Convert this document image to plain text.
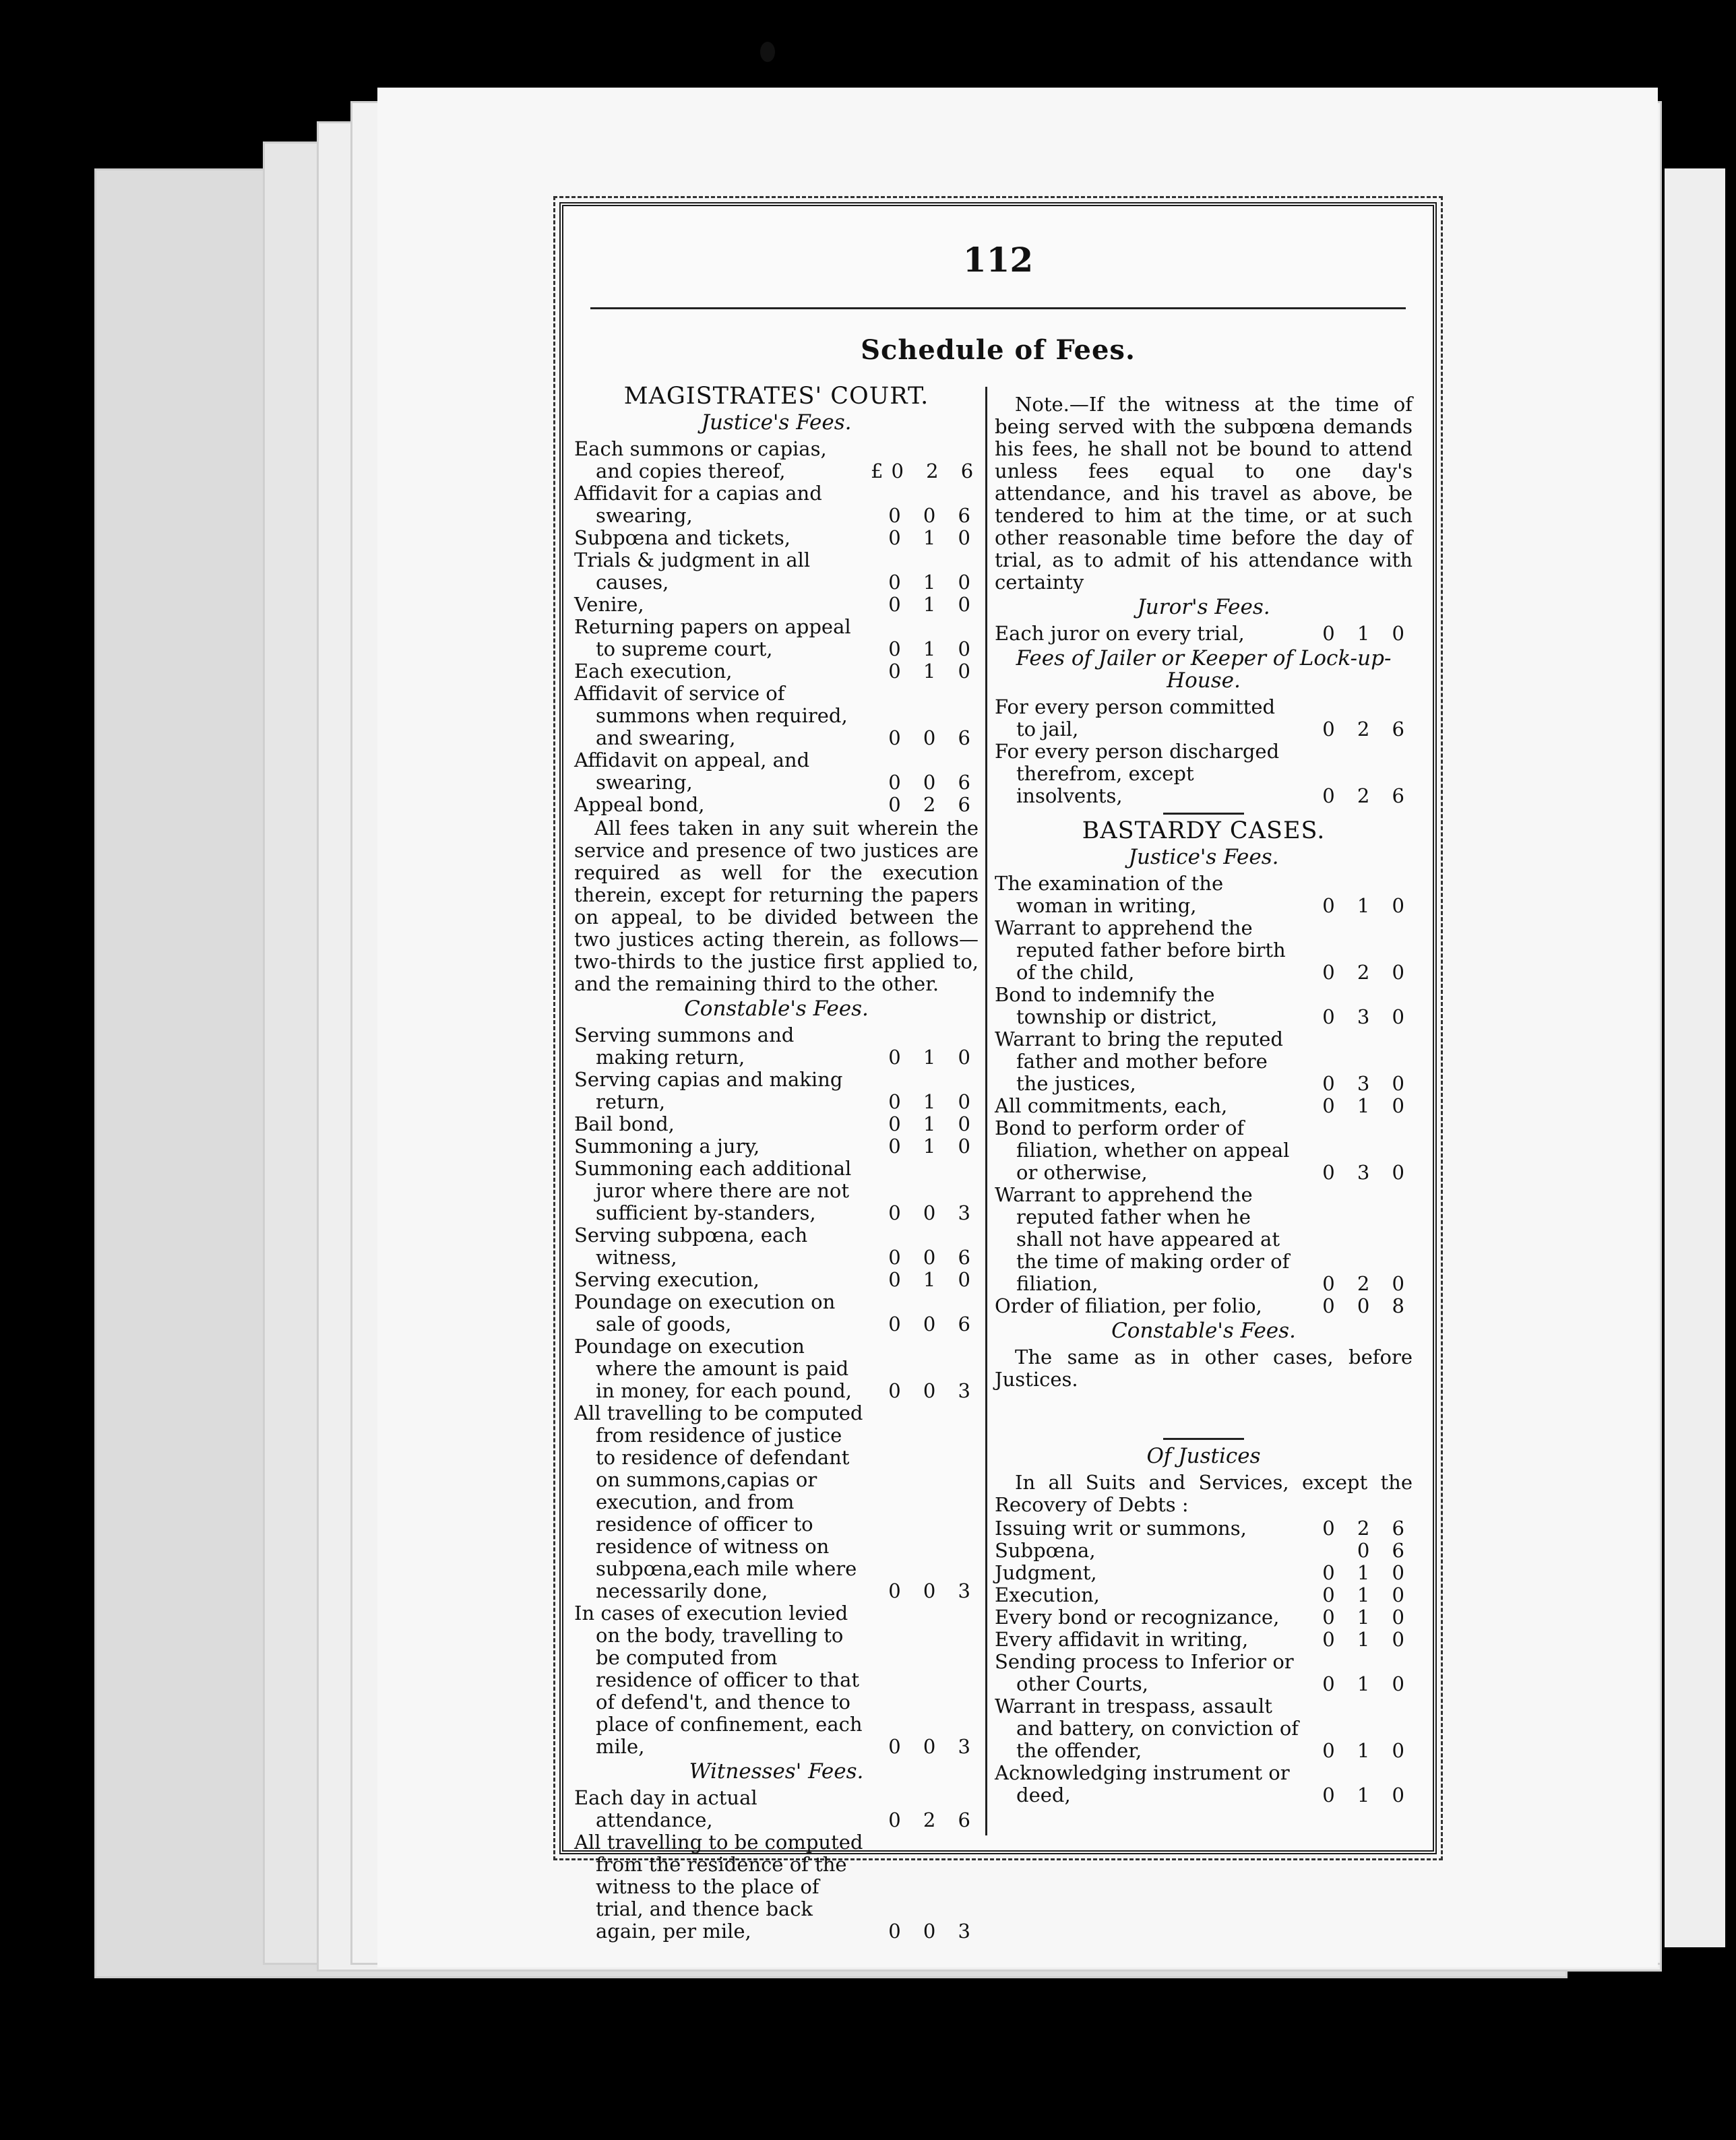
112
Schedule of Fees.
MAGISTRATES' COURT.
Justice's Fees.
Each summons or capias, and copies thereof,	£0 2 6
Affidavit for a capias and swearing,	0 0 6
Subpœna and tickets,	0 1 0
Trials & judgment in all causes,	0 1 0
Venire,	0 1 0
Returning papers on appeal to supreme court,	0 1 0
Each execution,	0 1 0
Affidavit of service of summons when required, and swearing,	0 0 6
Affidavit on appeal, and swearing,	0 0 6
Appeal bond,	0 2 6
All fees taken in any suit wherein the service and presence of two justices are required as well for the execution therein, except for returning the papers on appeal, to be divided between the two justices acting therein, as follows—two-thirds to the justice first applied to, and the remaining third to the other.
Constable's Fees.
Serving summons and making return,	0 1 0
Serving capias and making return,	0 1 0
Bail bond,	0 1 0
Summoning a jury,	0 1 0
Summoning each additional juror where there are not sufficient by-standers,	0 0 3
Serving subpœna, each witness,	0 0 6
Serving execution,	0 1 0
Poundage on execution on sale of goods,	0 0 6
Poundage on execution where the amount is paid in money, for each pound,	0 0 3
All travelling to be computed from residence of justice to residence of defendant on summons,capias or execution, and from residence of officer to residence of witness on subpœna,each mile where necessarily done,	0 0 3
In cases of execution levied on the body, travelling to be computed from residence of officer to that of defend't, and thence to place of confinement, each mile,	0 0 3
Witnesses' Fees.
Each day in actual attendance,	0 2 6
All travelling to be computed from the residence of the witness to the place of trial, and thence back again, per mile,	0 0 3
Note.—If the witness at the time of being served with the subpœna demands his fees, he shall not be bound to attend unless fees equal to one day's attendance, and his travel as above, be tendered to him at the time, or at such other reasonable time before the day of trial, as to admit of his attendance with certainty
Juror's Fees.
Each juror on every trial,	0 1 0
Fees of Jailer or Keeper of Lock-up-House.
For every person committed to jail,	0 2 6
For every person discharged therefrom, except insolvents,	0 2 6
BASTARDY CASES.
Justice's Fees.
The examination of the woman in writing,	0 1 0
Warrant to apprehend the reputed father before birth of the child,	0 2 0
Bond to indemnify the township or district,	0 3 0
Warrant to bring the reputed father and mother before the justices,	0 3 0
All commitments, each,	0 1 0
Bond to perform order of filiation, whether on appeal or otherwise,	0 3 0
Warrant to apprehend the reputed father when he shall not have appeared at the time of making order of filiation,	0 2 0
Order of filiation, per folio,	0 0 8
Constable's Fees.
The same as in other cases, before Justices.
Of Justices
In all Suits and Services, except the Recovery of Debts :
Issuing writ or summons,	0 2 6
Subpœna,	0 6
Judgment,	0 1 0
Execution,	0 1 0
Every bond or recognizance,	0 1 0
Every affidavit in writing,	0 1 0
Sending process to Inferior or other Courts,	0 1 0
Warrant in trespass, assault and battery, on conviction of the offender,	0 1 0
Acknowledging instrument or deed,	0 1 0
